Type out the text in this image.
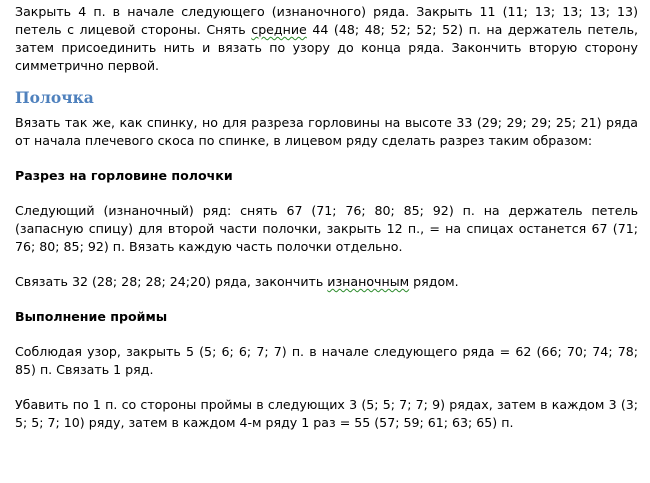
Закрыть 4 п. в начале следующего (изнаночного) ряда. Закрыть 11 (11; 13; 13; 13; 13) петель с лицевой стороны. Снять средние 44 (48; 48; 52; 52; 52) п. на держатель петель, затем присоединить нить и вязать по узору до конца ряда. Закончить вторую сторону симметрично первой.

Полочка

Вязать так же, как спинку, но для разреза горловины на высоте 33 (29; 29; 29; 25; 21) ряда от начала плечевого скоса по спинке, в лицевом ряду сделать разрез таким образом:

Разрез на горловине полочки

Следующий (изнаночный) ряд: снять 67 (71; 76; 80; 85; 92) п. на держатель петель (запасную спицу) для второй части полочки, закрыть 12 п., = на спицах останется 67 (71; 76; 80; 85; 92) п. Вязать каждую часть полочки отдельно.

Связать 32 (28; 28; 28; 24;20) ряда, закончить изнаночным рядом.

Выполнение проймы

Соблюдая узор, закрыть 5 (5; 6; 6; 7; 7) п. в начале следующего ряда = 62 (66; 70; 74; 78; 85) п. Связать 1 ряд.

Убавить по 1 п. со стороны проймы в следующих 3 (5; 5; 7; 7; 9) рядах, затем в каждом 3 (3; 5; 5; 7; 10) ряду, затем в каждом 4-м ряду 1 раз = 55 (57; 59; 61; 63; 65) п.
